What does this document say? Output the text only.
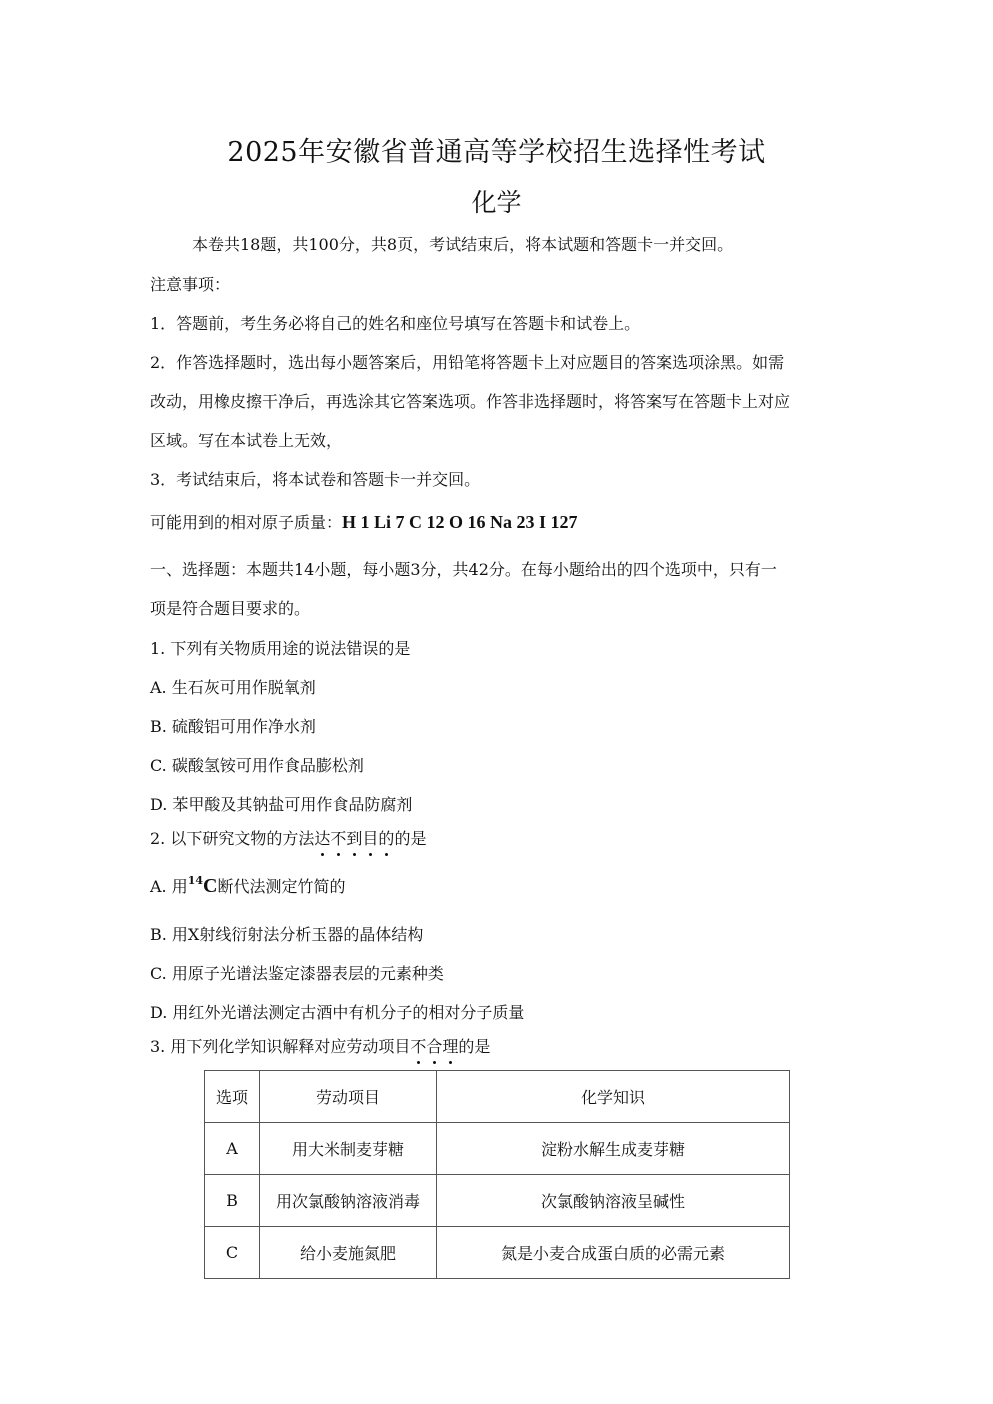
2025年安徽省普通高等学校招生选择性考试
化学
本卷共18题，共100分，共8页，考试结束后，将本试题和答题卡一并交回。
注意事项：
1．答题前，考生务必将自己的姓名和座位号填写在答题卡和试卷上。
2．作答选择题时，选出每小题答案后，用铅笔将答题卡上对应题目的答案选项涂黑。如需
改动，用橡皮擦干净后，再选涂其它答案选项。作答非选择题时，将答案写在答题卡上对应
区域。写在本试卷上无效，
3．考试结束后，将本试卷和答题卡一并交回。
可能用到的相对原子质量：H 1 Li 7 C 12 O 16 Na 23 I 127
一、选择题：本题共14小题，每小题3分，共42分。在每小题给出的四个选项中，只有一
项是符合题目要求的。
1. 下列有关物质用途的说法错误的是
A. 生石灰可用作脱氧剂
B. 硫酸铝可用作净水剂
C. 碳酸氢铵可用作食品膨松剂
D. 苯甲酸及其钠盐可用作食品防腐剂
2. 以下研究文物的方法达不到目的的是
A. 用$^{14}$C断代法测定竹简的
B. 用X射线衍射法分析玉器的晶体结构
C. 用原子光谱法鉴定漆器表层的元素种类
D. 用红外光谱法测定古酒中有机分子的相对分子质量
3. 用下列化学知识解释对应劳动项目不合理的是
选项	劳动项目	化学知识
A	用大米制麦芽糖	淀粉水解生成麦芽糖
B	用次氯酸钠溶液消毒	次氯酸钠溶液呈碱性
C	给小麦施氮肥	氮是小麦合成蛋白质的必需元素
